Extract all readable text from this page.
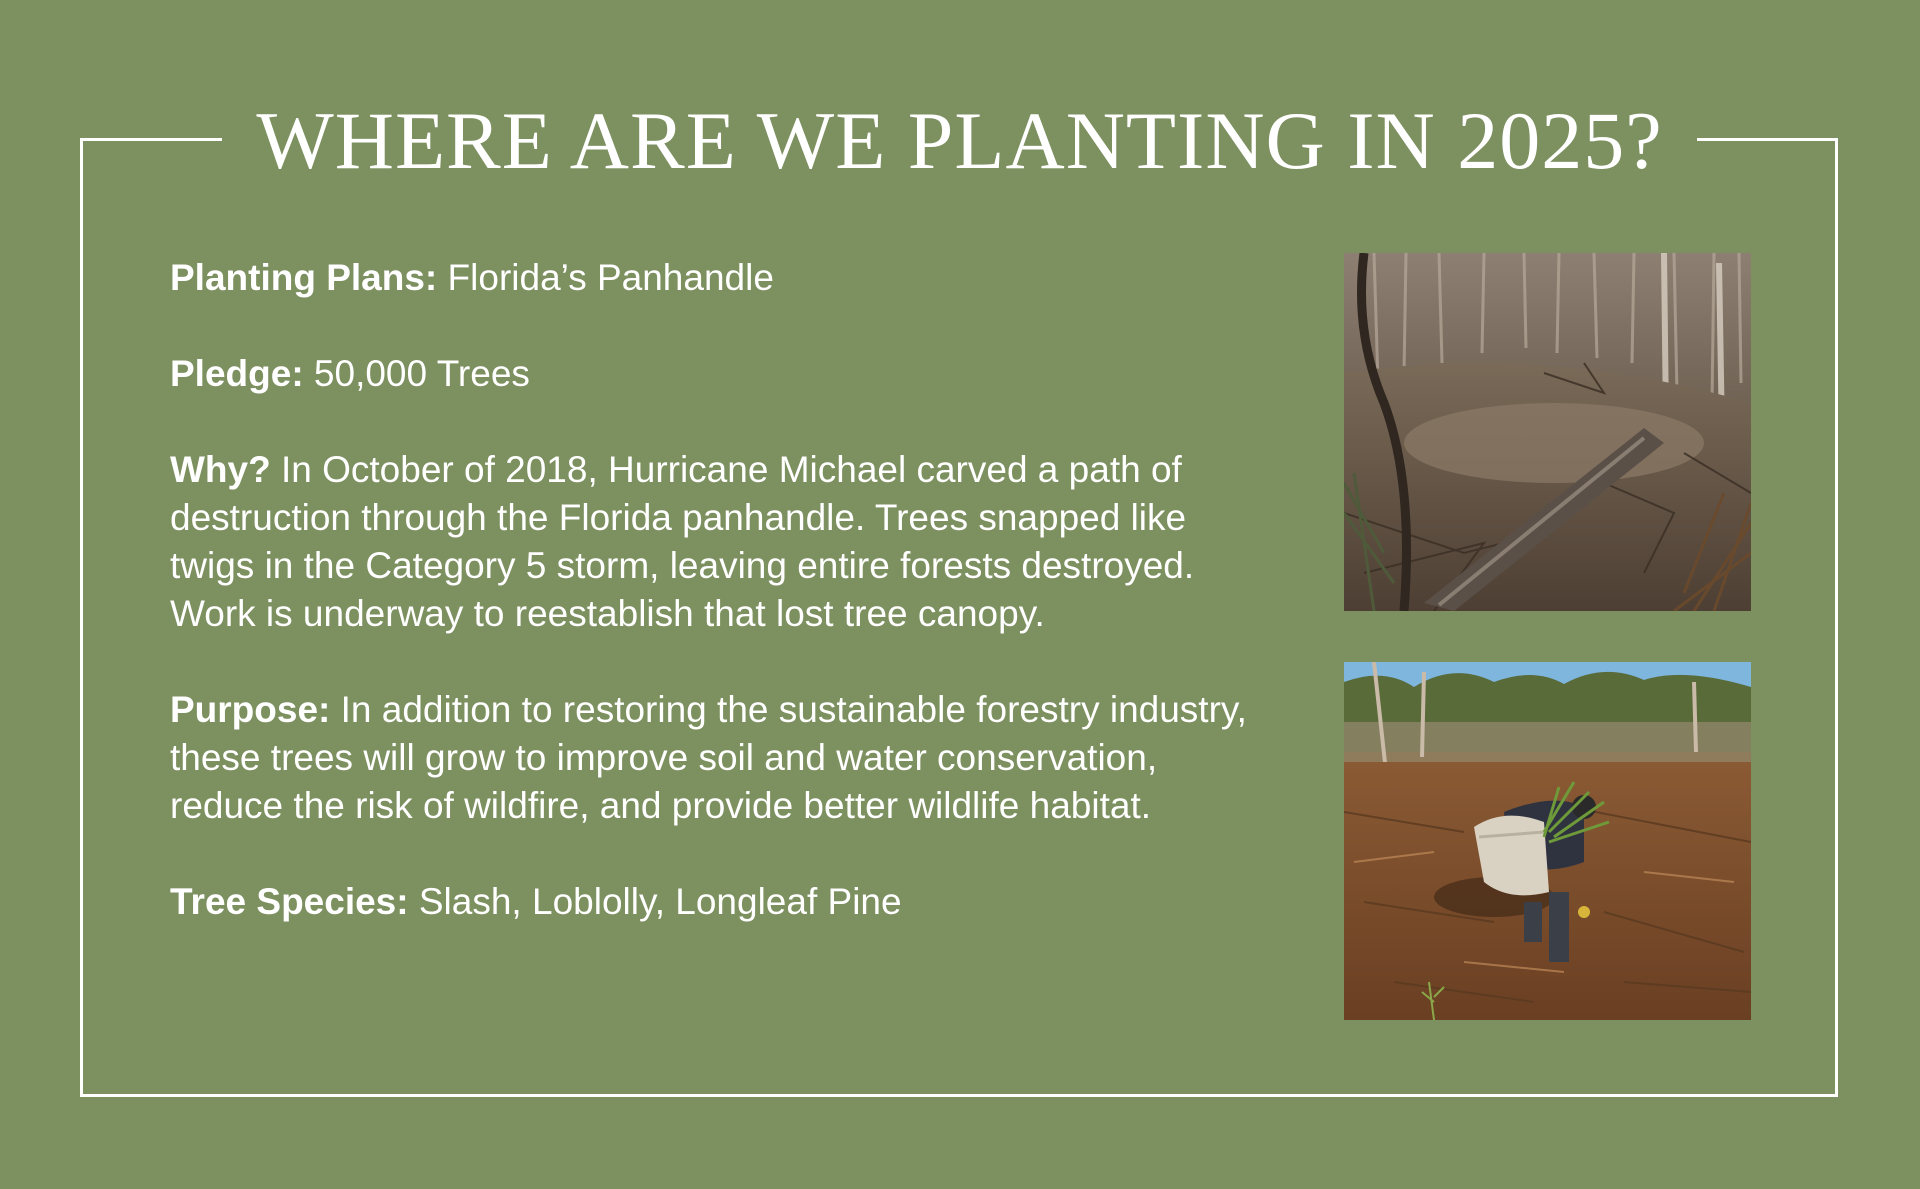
WHERE ARE WE PLANTING IN 2025?

Planting Plans: Florida’s Panhandle

Pledge: 50,000 Trees

Why? In October of 2018, Hurricane Michael carved a path of destruction through the Florida panhandle. Trees snapped like twigs in the Category 5 storm, leaving entire forests destroyed. Work is underway to reestablish that lost tree canopy.

Purpose: In addition to restoring the sustainable forestry industry, these trees will grow to improve soil and water conservation, reduce the risk of wildfire, and provide better wildlife habitat.

Tree Species: Slash, Loblolly, Longleaf Pine
